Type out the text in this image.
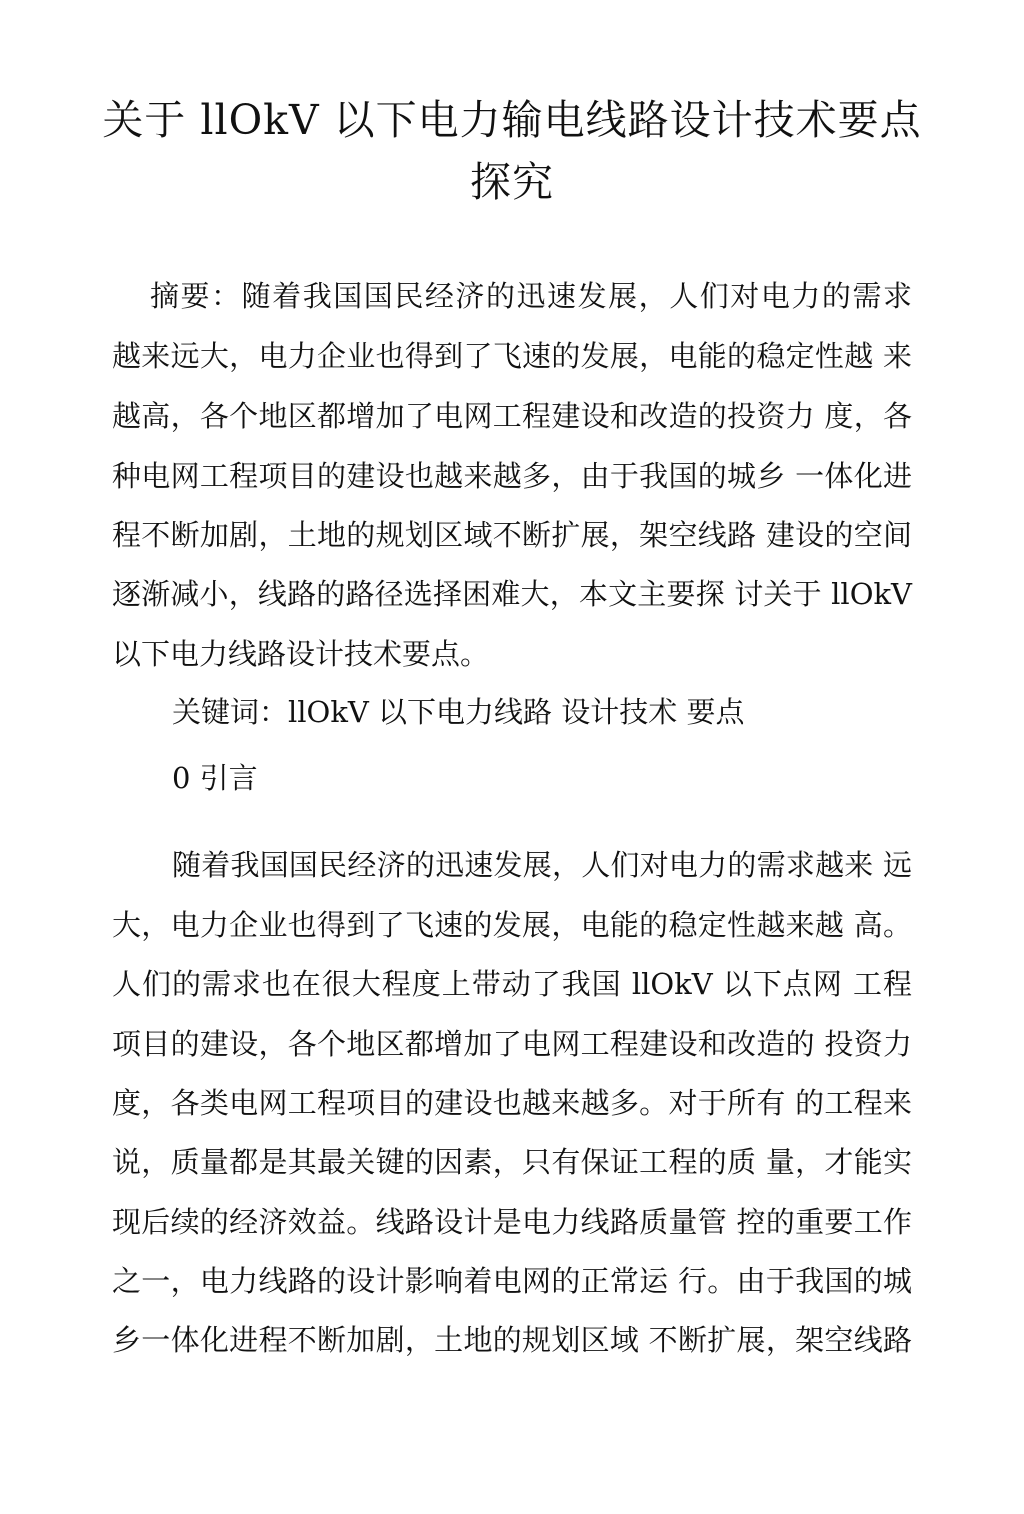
关于 llOkV 以下电力输电线路设计技术要点
探究
摘要：随着我国国民经济的迅速发展，人们对电力的需求
越来远大，电力企业也得到了飞速的发展，电能的稳定性越 来
越高，各个地区都增加了电网工程建设和改造的投资力 度，各
种电网工程项目的建设也越来越多，由于我国的城乡 一体化进
程不断加剧，土地的规划区域不断扩展，架空线路 建设的空间
逐渐减小，线路的路径选择困难大，本文主要探 讨关于 llOkV
以下电力线路设计技术要点。
关键词：llOkV 以下电力线路 设计技术 要点
0 引言
随着我国国民经济的迅速发展，人们对电力的需求越来 远
大，电力企业也得到了飞速的发展，电能的稳定性越来越 高。
人们的需求也在很大程度上带动了我国 llOkV 以下点网 工程
项目的建设，各个地区都增加了电网工程建设和改造的 投资力
度，各类电网工程项目的建设也越来越多。对于所有 的工程来
说，质量都是其最关键的因素，只有保证工程的质 量，才能实
现后续的经济效益。线路设计是电力线路质量管 控的重要工作
之一，电力线路的设计影响着电网的正常运 行。由于我国的城
乡一体化进程不断加剧，土地的规划区域 不断扩展，架空线路
